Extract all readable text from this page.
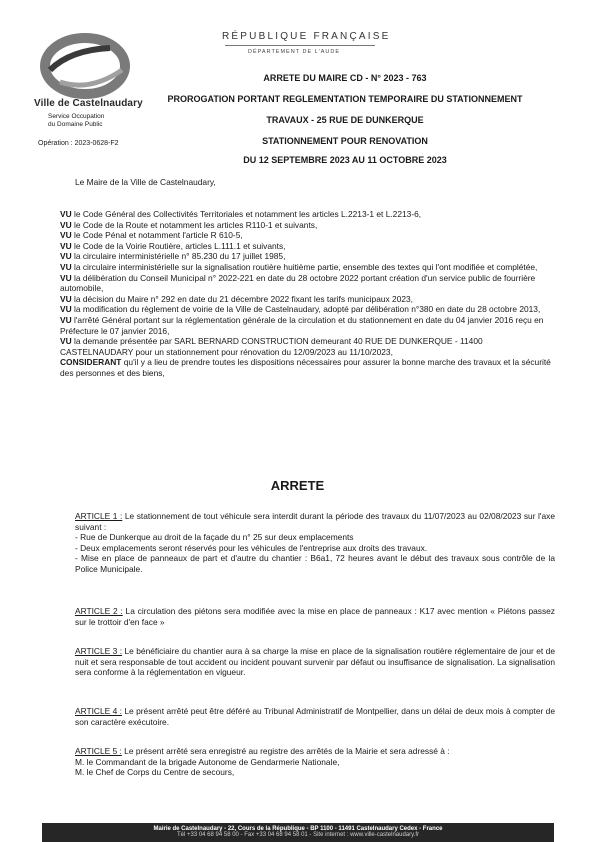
Ville de Castelnaudary
Service Occupation
du Domaine Public
Opération : 2023-0628-F2
RÉPUBLIQUE FRANÇAISE
DÉPARTEMENT DE L'AUDE
ARRETE DU MAIRE CD - N° 2023 - 763
PROROGATION PORTANT REGLEMENTATION TEMPORAIRE DU STATIONNEMENT
TRAVAUX - 25 RUE DE DUNKERQUE
STATIONNEMENT POUR RENOVATION
DU 12 SEPTEMBRE 2023 AU 11 OCTOBRE 2023
Le Maire de la Ville de Castelnaudary,
VU le Code Général des Collectivités Territoriales et notamment les articles L.2213-1 et L.2213-6,
VU le Code de la Route et notamment les articles R110-1 et suivants,
VU le Code Pénal et notamment l'article R 610-5,
VU le Code de la Voirie Routière, articles L.111.1 et suivants,
VU la circulaire interministérielle n° 85.230 du 17 juillet 1985,
VU la circulaire interministérielle sur la signalisation routière huitième partie, ensemble des textes qui l'ont modifiée et complétée,
VU la délibération du Conseil Municipal n° 2022-221 en date du 28 octobre 2022 portant création d'un service public de fourrière automobile,
VU la décision du Maire n° 292 en date du 21 décembre 2022 fixant les tarifs municipaux 2023,
VU la modification du règlement de voirie de la Ville de Castelnaudary, adopté par délibération n°380 en date du 28 octobre 2013,
VU l'arrêté Général portant sur la réglementation générale de la circulation et du stationnement en date du 04 janvier 2016 reçu en Préfecture le 07 janvier 2016,
VU la demande présentée par SARL BERNARD CONSTRUCTION demeurant 40 RUE DE DUNKERQUE - 11400 CASTELNAUDARY pour un stationnement pour rénovation du 12/09/2023 au 11/10/2023,
CONSIDERANT qu'il y a lieu de prendre toutes les dispositions nécessaires pour assurer la bonne marche des travaux et la sécurité des personnes et des biens,
ARRETE
ARTICLE 1 : Le stationnement de tout véhicule sera interdit durant la période des travaux du 11/07/2023 au 02/08/2023 sur l'axe suivant :
- Rue de Dunkerque au droit de la façade du n° 25 sur deux emplacements
- Deux emplacements seront réservés pour les véhicules de l'entreprise aux droits des travaux.
- Mise en place de panneaux de part et d'autre du chantier : B6a1, 72 heures avant le début des travaux sous contrôle de la Police Municipale.
ARTICLE 2 : La circulation des piétons sera modifiée avec la mise en place de panneaux : K17 avec mention « Piétons passez sur le trottoir d'en face »
ARTICLE 3 : Le bénéficiaire du chantier aura à sa charge la mise en place de la signalisation routière réglementaire de jour et de nuit et sera responsable de tout accident ou incident pouvant survenir par défaut ou insuffisance de signalisation. La signalisation sera conforme à la réglementation en vigueur.
ARTICLE 4 : Le présent arrêté peut être déféré au Tribunal Administratif de Montpellier, dans un délai de deux mois à compter de son caractère exécutoire.
ARTICLE 5 : Le présent arrêté sera enregistré au registre des arrêtés de la Mairie et sera adressé à :
M. le Commandant de la brigade Autonome de Gendarmerie Nationale,
M. le Chef de Corps du Centre de secours,
Mairie de Castelnaudary - 22, Cours de la République - BP 1100 - 11491 Castelnaudary Cedex - France
Tél +33 04 68 94 58 00 - Fax +33 04 68 94 58 01 - Site internet : www.ville-castelnaudary.fr
